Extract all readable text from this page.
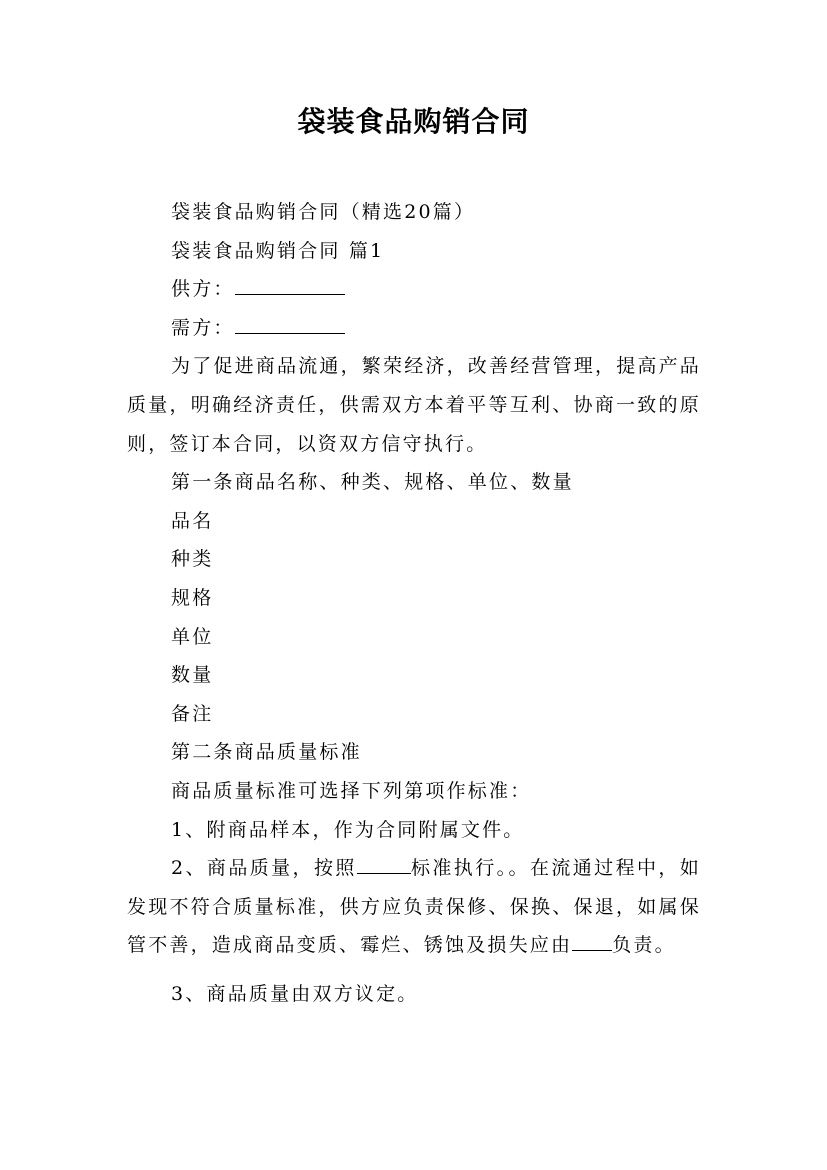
袋装食品购销合同

袋装食品购销合同（精选20篇）

袋装食品购销合同 篇1

供方：

需方：

为了促进商品流通，繁荣经济，改善经营管理，提高产品质量，明确经济责任，供需双方本着平等互利、协商一致的原则，签订本合同，以资双方信守执行。

第一条商品名称、种类、规格、单位、数量

品名

种类

规格

单位

数量

备注

第二条商品质量标准

商品质量标准可选择下列第项作标准：

1、附商品样本，作为合同附属文件。

2、商品质量，按照	标准执行。。在流通过程中，如发现不符合质量标准，供方应负责保修、保换、保退，如属保管不善，造成商品变质、霉烂、锈蚀及损失应由 负责。

3、商品质量由双方议定。
